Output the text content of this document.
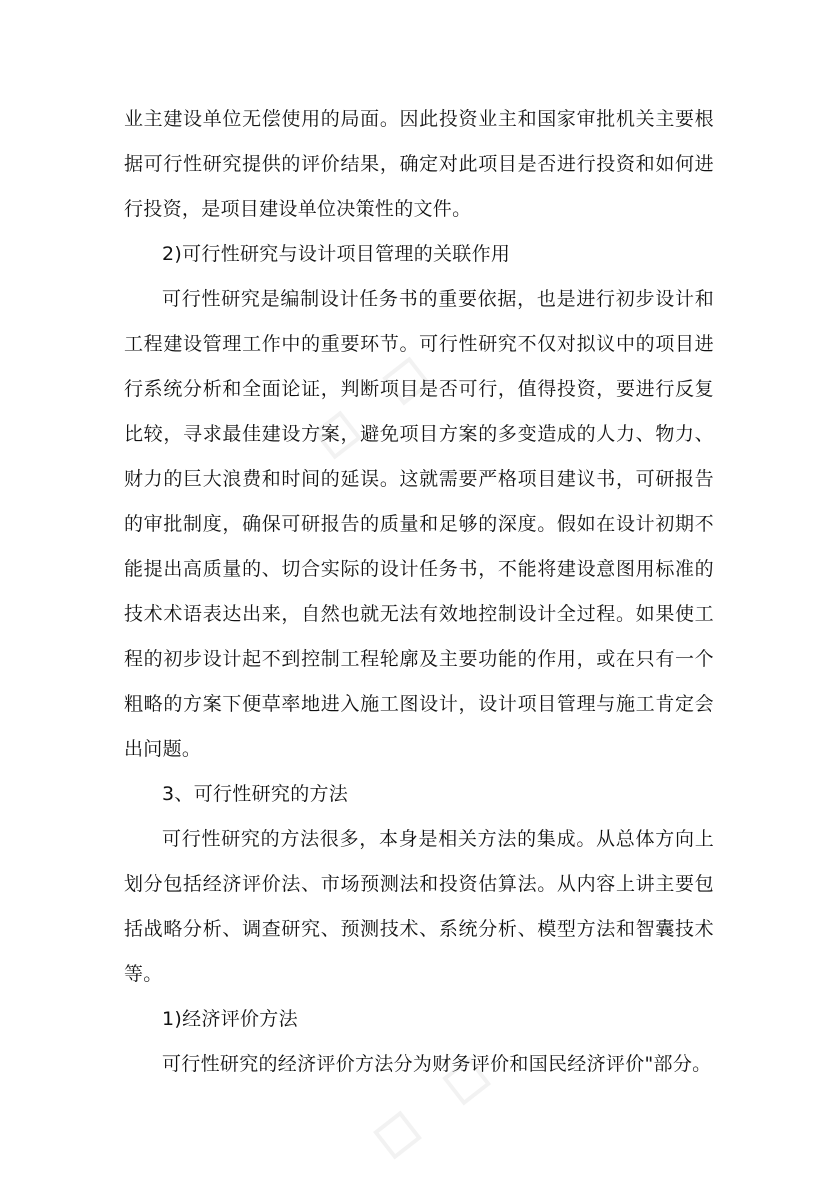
▫ ▫
▫ ▫

业主建设单位无偿使用的局面。因此投资业主和国家审批机关主要根据可行性研究提供的评价结果，确定对此项目是否进行投资和如何进行投资，是项目建设单位决策性的文件。

2)可行性研究与设计项目管理的关联作用

可行性研究是编制设计任务书的重要依据，也是进行初步设计和工程建设管理工作中的重要环节。可行性研究不仅对拟议中的项目进行系统分析和全面论证，判断项目是否可行，值得投资，要进行反复比较，寻求最佳建设方案，避免项目方案的多变造成的人力、物力、财力的巨大浪费和时间的延误。这就需要严格项目建议书，可研报告的审批制度，确保可研报告的质量和足够的深度。假如在设计初期不能提出高质量的、切合实际的设计任务书，不能将建设意图用标准的技术术语表达出来，自然也就无法有效地控制设计全过程。如果使工程的初步设计起不到控制工程轮廓及主要功能的作用，或在只有一个粗略的方案下便草率地进入施工图设计，设计项目管理与施工肯定会出问题。

3、可行性研究的方法

可行性研究的方法很多，本身是相关方法的集成。从总体方向上划分包括经济评价法、市场预测法和投资估算法。从内容上讲主要包括战略分析、调查研究、预测技术、系统分析、模型方法和智囊技术等。

1)经济评价方法

可行性研究的经济评价方法分为财务评价和国民经济评价"部分。
